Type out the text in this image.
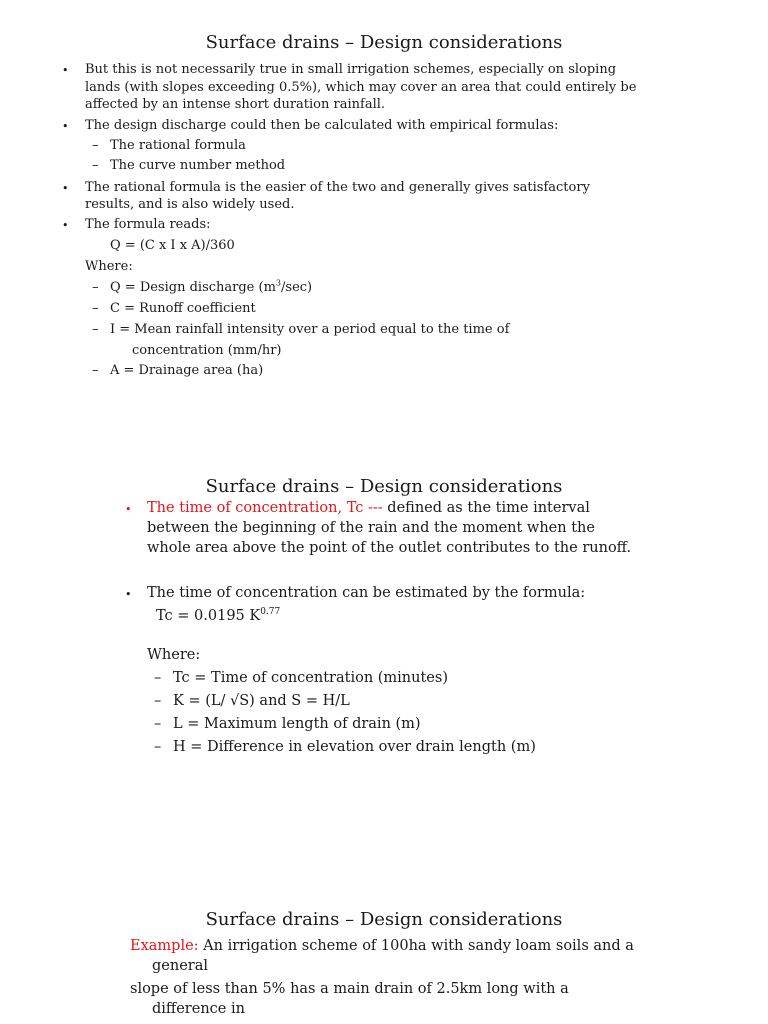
Surface drains – Design considerations
• But this is not necessarily true in small irrigation schemes, especially on sloping
lands (with slopes exceeding 0.5%), which may cover an area that could entirely be
affected by an intense short duration rainfall.
• The design discharge could then be calculated with empirical formulas:
– The rational formula
– The curve number method
• The rational formula is the easier of the two and generally gives satisfactory
results, and is also widely used.
• The formula reads:
Q = (C x I x A)/360
Where:
– Q = Design discharge $(m^3/\sec)$
– C = Runoff coefficient
– I = Mean rainfall intensity over a period equal to the time of
concentration (mm/hr)
– A = Drainage area (ha)
Surface drains – Design considerations
• The time of concentration, Tc --- defined as the time interval
between the beginning of the rain and the moment when the
whole area above the point of the outlet contributes to the runoff.
• The time of concentration can be estimated by the formula:
Tc = 0.0195 $K^{0.77}$
Where:
– Tc = Time of concentration (minutes)
– K = (L/ √S) and S = H/L
– L = Maximum length of drain (m)
– H = Difference in elevation over drain length (m)
Surface drains – Design considerations
Example: An irrigation scheme of 100ha with sandy loam soils and a
general
slope of less than 5% has a main drain of 2.5km long with a
difference in
